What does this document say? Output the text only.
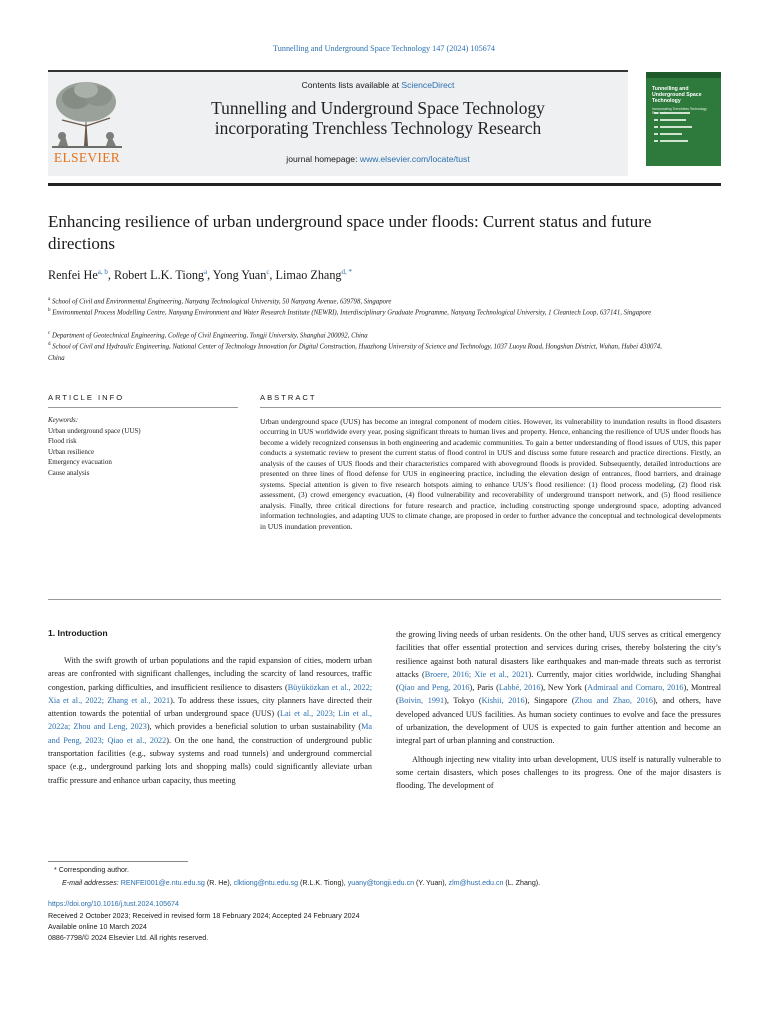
Tunnelling and Underground Space Technology 147 (2024) 105674
ELSEVIER
Contents lists available at ScienceDirect
Tunnelling and Underground Space Technology
incorporating Trenchless Technology Research
journal homepage: www.elsevier.com/locate/tust
Tunnelling and Underground Space Technology
incorporating Trenchless Technology Research
Enhancing resilience of urban underground space under floods: Current status and future directions
Renfei He$^{a, b}$, Robert L.K. Tiong$^a$, Yong Yuan$^c$, Limao Zhang$^{d, *}$
$^a$ School of Civil and Environmental Engineering, Nanyang Technological University, 50 Nanyang Avenue, 639798, Singapore
$^b$ Environmental Process Modelling Centre, Nanyang Environment and Water Research Institute (NEWRI), Interdisciplinary Graduate Programme, Nanyang Technological University, 1 Cleantech Loop, 637141, Singapore
$^c$ Department of Geotechnical Engineering, College of Civil Engineering, Tongji University, Shanghai 200092, China
$^d$ School of Civil and Hydraulic Engineering, National Center of Technology Innovation for Digital Construction, Huazhong University of Science and Technology, 1037 Luoyu Road, Hongshan District, Wuhan, Hubei 430074, China
ARTICLE INFO	ABSTRACT
Keywords:
Urban underground space (UUS)
Flood risk
Urban resilience
Emergency evacuation
Cause analysis
Urban underground space (UUS) has become an integral component of modern cities. However, its vulnerability to inundation results in flood disasters occurring in UUS worldwide every year, posing significant threats to human lives and property. Hence, enhancing the resilience of UUS under floods has become a widely recognized consensus in both engineering and academic communities. To gain a better understanding of flood issues of UUS, this paper conducts a systematic review to present the current status of flood control in UUS and discuss some future research and practice directions. Firstly, an analysis of the causes of UUS floods and their characteristics compared with aboveground floods is provided. Subsequently, detailed introductions are presented on three lines of flood defense for UUS in engineering practice, including the elevation design of entrances, flood barriers, and drainage systems. Special attention is given to five research hotspots aiming to enhance UUS’s flood resilience: (1) flood process modeling, (2) flood risk assessment, (3) crowd emergency evacuation, (4) flood vulnerability and recoverability of underground transport network, and (5) flood resilience analysis. Finally, three critical directions for future research and practice, including constructing sponge underground space, adopting advanced information technologies, and adapting UUS to climate change, are proposed in order to further advance the conceptual and technological developments in UUS inundation prevention.
1. Introduction
With the swift growth of urban populations and the rapid expansion of cities, modern urban areas are confronted with significant challenges, including the scarcity of land resources, traffic congestion, parking difficulties, and insufficient resilience to disasters (Büyüközkan et al., 2022; Xia et al., 2022; Zhang et al., 2021). To address these issues, city planners have directed their attention towards the potential of urban underground space (UUS) (Lai et al., 2023; Lin et al., 2022a; Zhou and Leng, 2023), which provides a beneficial solution to urban sustainability (Ma and Peng, 2023; Qiao et al., 2022). On the one hand, the construction of underground public transportation facilities (e.g., subway systems and road tunnels) and underground commercial space (e.g., underground parking lots and shopping malls) could significantly alleviate urban traffic pressure and enhance urban capacity, thus meeting
the growing living needs of urban residents. On the other hand, UUS serves as critical emergency facilities that offer essential protection and services during crises, thereby bolstering the city’s resilience against both natural disasters like earthquakes and man-made threats such as terrorist attacks (Broere, 2016; Xie et al., 2021). Currently, major cities worldwide, including Shanghai (Qiao and Peng, 2016), Paris (Labbé, 2016), New York (Admiraal and Cornaro, 2016), Montreal (Boivin, 1991), Tokyo (Kishii, 2016), Singapore (Zhou and Zhao, 2016), and others, have developed advanced UUS facilities. As human society continues to evolve and face the pressures of urbanization, the development of UUS is expected to gain further attention and become an integral part of urban planning and construction.
Although injecting new vitality into urban development, UUS itself is naturally vulnerable to some certain disasters, which poses challenges to its progress. One of the major disasters is flooding. The development of
* Corresponding author.
E-mail addresses: RENFEI001@e.ntu.edu.sg (R. He), clktiong@ntu.edu.sg (R.L.K. Tiong), yuany@tongji.edu.cn (Y. Yuan), zlm@hust.edu.cn (L. Zhang).
https://doi.org/10.1016/j.tust.2024.105674
Received 2 October 2023; Received in revised form 18 February 2024; Accepted 24 February 2024
Available online 10 March 2024
0886-7798/© 2024 Elsevier Ltd. All rights reserved.
